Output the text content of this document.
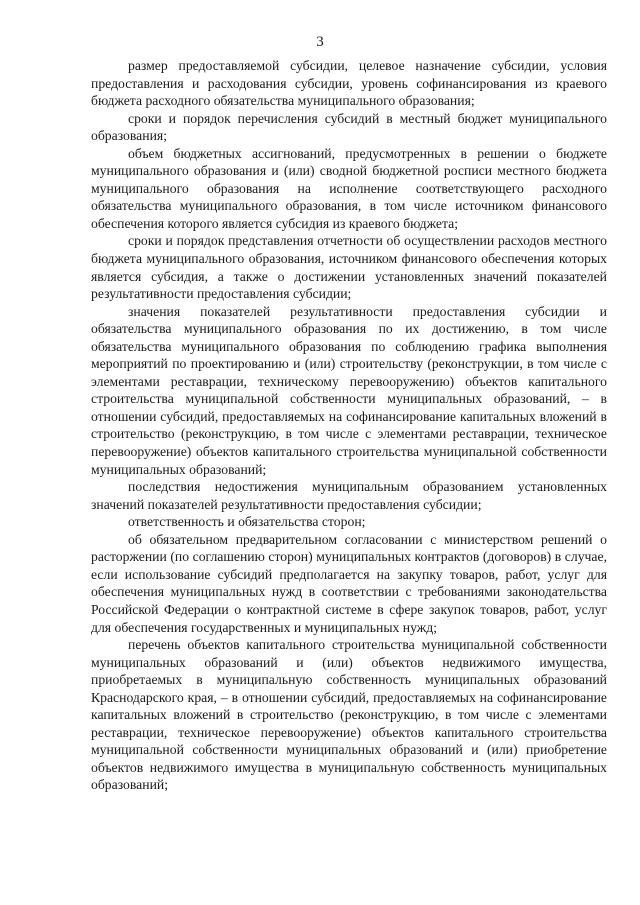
3

размер предоставляемой субсидии, целевое назначение субсидии, условия предоставления и расходования субсидии, уровень софинансирования из краевого бюджета расходного обязательства муниципального образования;

сроки и порядок перечисления субсидий в местный бюджет муниципального образования;

объем бюджетных ассигнований, предусмотренных в решении о бюджете муниципального образования и (или) сводной бюджетной росписи местного бюджета муниципального образования на исполнение соответствующего расходного обязательства муниципального образования, в том числе источником финансового обеспечения которого является субсидия из краевого бюджета;

сроки и порядок представления отчетности об осуществлении расходов местного бюджета муниципального образования, источником финансового обеспечения которых является субсидия, а также о достижении установленных значений показателей результативности предоставления субсидии;

значения показателей результативности предоставления субсидии и обязательства муниципального образования по их достижению, в том числе обязательства муниципального образования по соблюдению графика выполнения мероприятий по проектированию и (или) строительству (реконструкции, в том числе с элементами реставрации, техническому перевооружению) объектов капитального строительства муниципальной собственности муниципальных образований, – в отношении субсидий, предоставляемых на софинансирование капитальных вложений в строительство (реконструкцию, в том числе с элементами реставрации, техническое перевооружение) объектов капитального строительства муниципальной собственности муниципальных образований;

последствия недостижения муниципальным образованием установленных значений показателей результативности предоставления субсидии;

ответственность и обязательства сторон;

об обязательном предварительном согласовании с министерством решений о расторжении (по соглашению сторон) муниципальных контрактов (договоров) в случае, если использование субсидий предполагается на закупку товаров, работ, услуг для обеспечения муниципальных нужд в соответствии с требованиями законодательства Российской Федерации о контрактной системе в сфере закупок товаров, работ, услуг для обеспечения государственных и муниципальных нужд;

перечень объектов капитального строительства муниципальной собственности муниципальных образований и (или) объектов недвижимого имущества, приобретаемых в муниципальную собственность муниципальных образований Краснодарского края, – в отношении субсидий, предоставляемых на софинансирование капитальных вложений в строительство (реконструкцию, в том числе с элементами реставрации, техническое перевооружение) объектов капитального строительства муниципальной собственности муниципальных образований и (или) приобретение объектов недвижимого имущества в муниципальную собственность муниципальных образований;
